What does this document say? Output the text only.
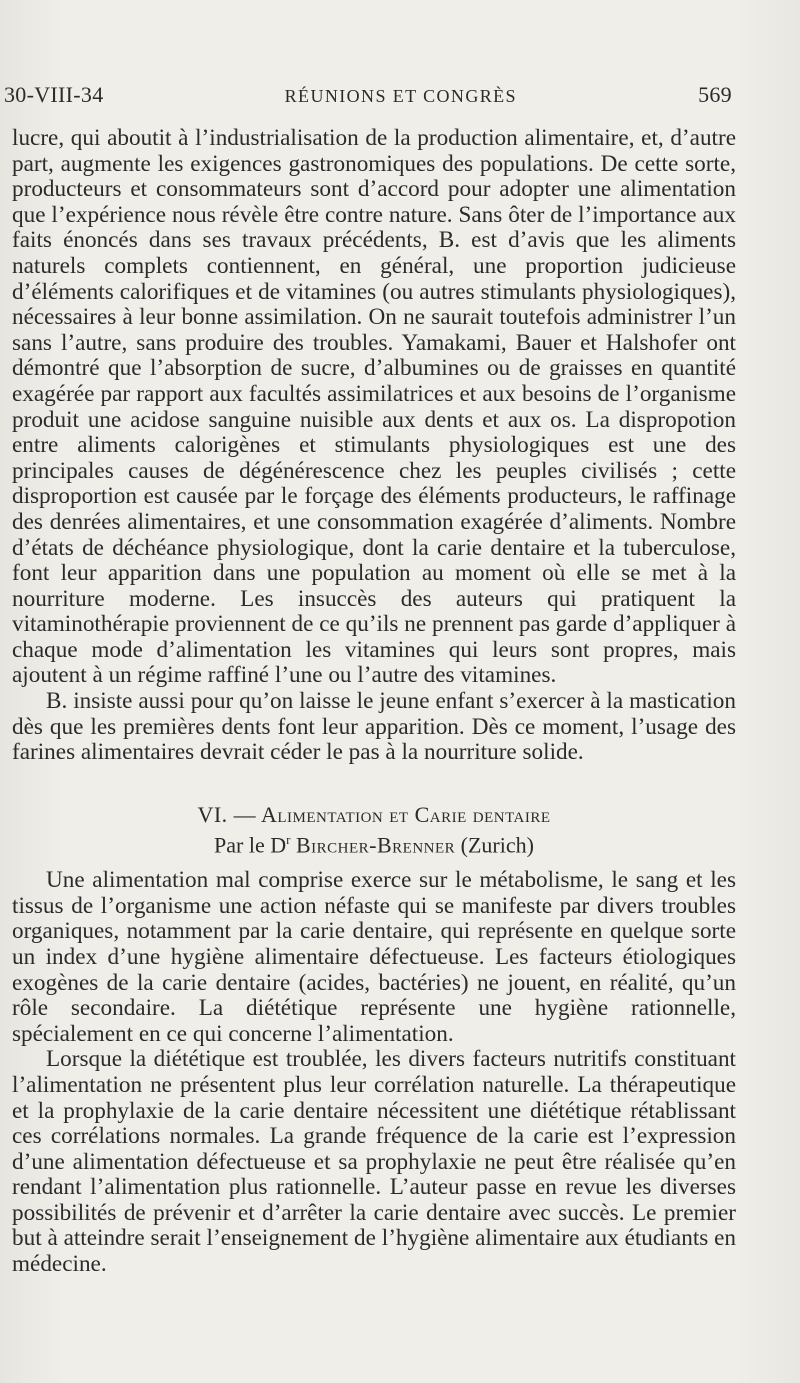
30-VIII-34	RÉUNIONS ET CONGRÈS	569

lucre, qui aboutit à l’industrialisation de la production alimentaire, et, d’autre part, augmente les exigences gastronomiques des populations. De cette sorte, producteurs et consommateurs sont d’accord pour adopter une alimentation que l’expérience nous révèle être contre nature. Sans ôter de l’importance aux faits énoncés dans ses travaux précédents, B. est d’avis que les aliments naturels complets contiennent, en général, une proportion judicieuse d’éléments calorifiques et de vitamines (ou autres stimulants physiologiques), nécessaires à leur bonne assimilation. On ne saurait toutefois administrer l’un sans l’autre, sans produire des troubles. Yamakami, Bauer et Halshofer ont démontré que l’absorption de sucre, d’albumines ou de graisses en quantité exagérée par rapport aux facultés assimilatrices et aux besoins de l’organisme produit une acidose sanguine nuisible aux dents et aux os. La dispropotion entre aliments calorigènes et stimulants physiologiques est une des principales causes de dégénérescence chez les peuples civilisés ; cette disproportion est causée par le forçage des éléments producteurs, le raffinage des denrées alimentaires, et une consommation exagérée d’aliments. Nombre d’états de déchéance physiologique, dont la carie dentaire et la tuberculose, font leur apparition dans une population au moment où elle se met à la nourriture moderne. Les insuccès des auteurs qui pratiquent la vitaminothérapie proviennent de ce qu’ils ne prennent pas garde d’appliquer à chaque mode d’alimentation les vitamines qui leurs sont propres, mais ajoutent à un régime raffiné l’une ou l’autre des vitamines.

B. insiste aussi pour qu’on laisse le jeune enfant s’exercer à la mastication dès que les premières dents font leur apparition. Dès ce moment, l’usage des farines alimentaires devrait céder le pas à la nourriture solide.

VI. — Alimentation et Carie dentaire
Par le $D^r$ Bircher-Brenner (Zurich)

Une alimentation mal comprise exerce sur le métabolisme, le sang et les tissus de l’organisme une action néfaste qui se manifeste par divers troubles organiques, notamment par la carie dentaire, qui représente en quelque sorte un index d’une hygiène alimentaire défectueuse. Les facteurs étiologiques exogènes de la carie dentaire (acides, bactéries) ne jouent, en réalité, qu’un rôle secondaire. La diététique représente une hygiène rationnelle, spécialement en ce qui concerne l’alimentation.

Lorsque la diététique est troublée, les divers facteurs nutritifs constituant l’alimentation ne présentent plus leur corrélation naturelle. La thérapeutique et la prophylaxie de la carie dentaire nécessitent une diététique rétablissant ces corrélations normales. La grande fréquence de la carie est l’expression d’une alimentation défectueuse et sa prophylaxie ne peut être réalisée qu’en rendant l’alimentation plus rationnelle. L’auteur passe en revue les diverses possibilités de prévenir et d’arrêter la carie dentaire avec succès. Le premier but à atteindre serait l’enseignement de l’hygiène alimentaire aux étudiants en médecine.
